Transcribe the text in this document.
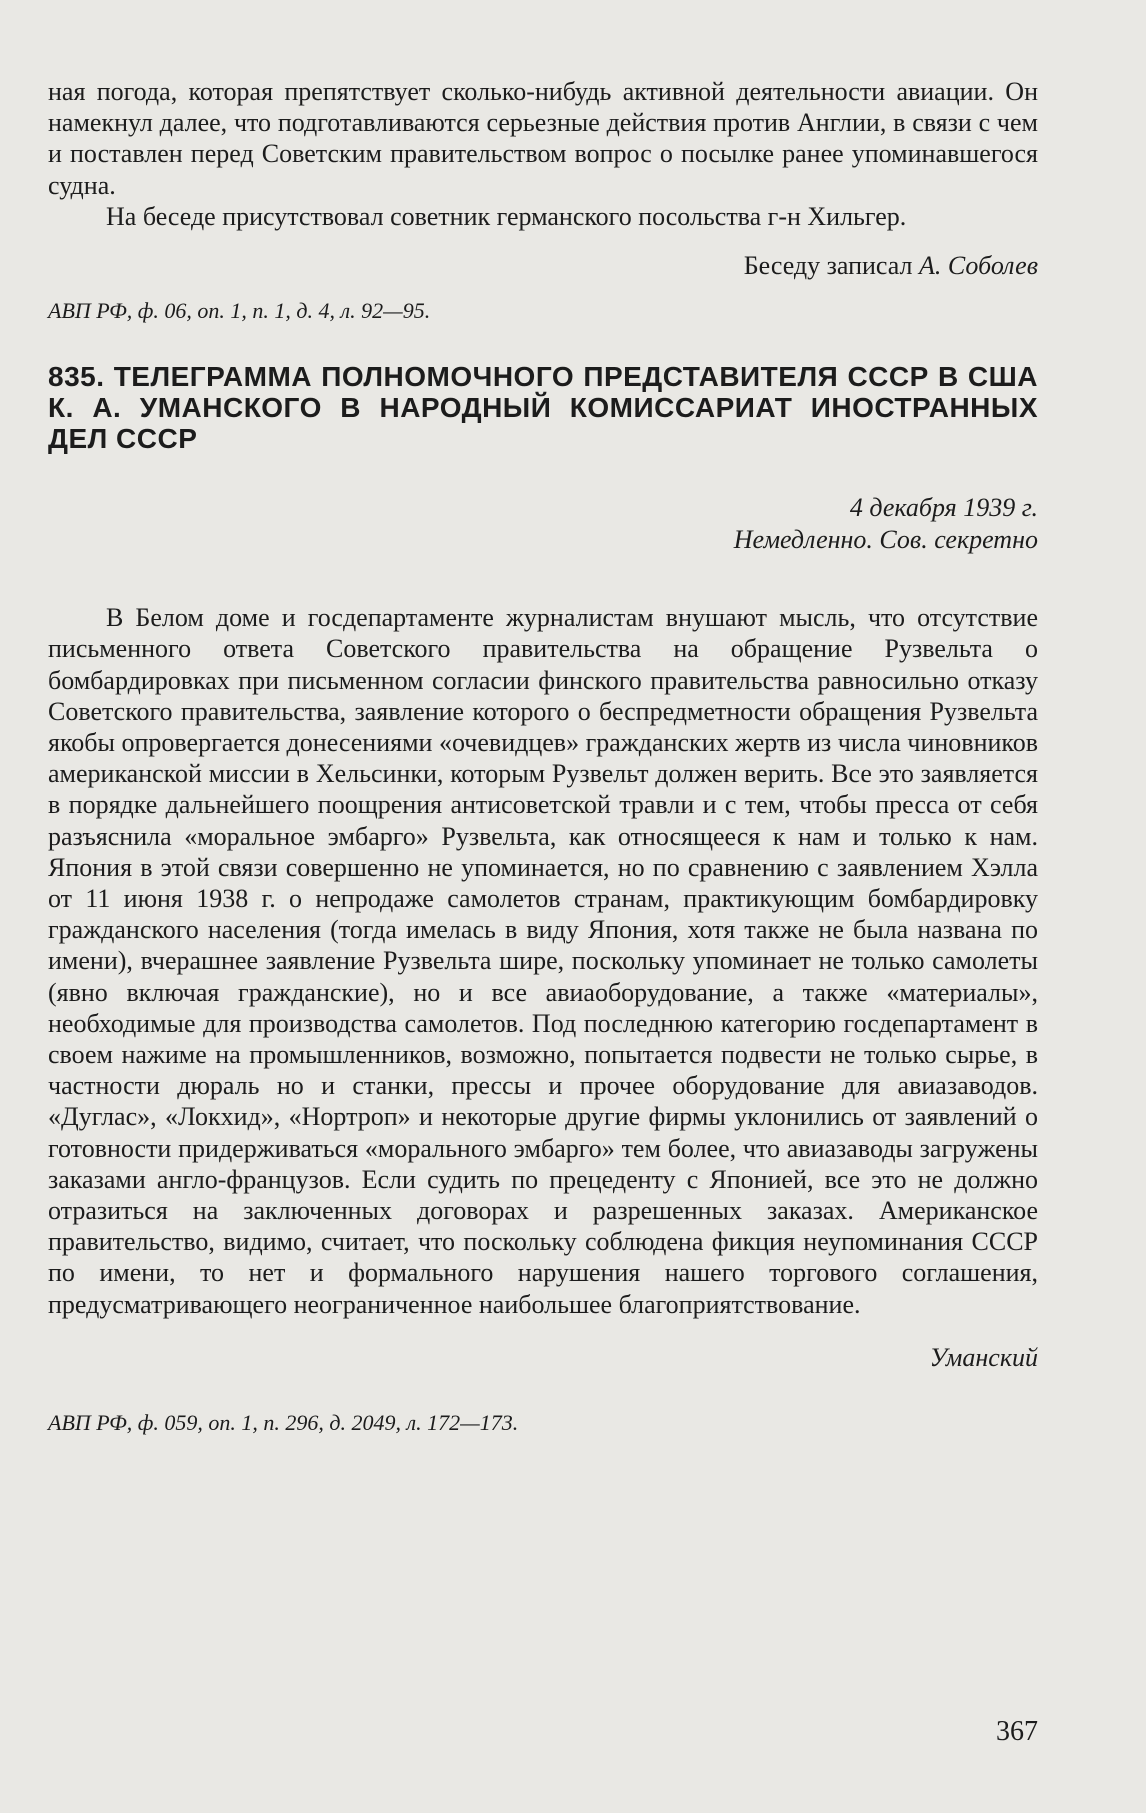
ная погода, которая препятствует сколько-нибудь активной деятельности авиации. Он намекнул далее, что подготавливаются серьезные действия против Англии, в связи с чем и поставлен перед Советским правительством вопрос о посылке ранее упоминавшегося судна.

На беседе присутствовал советник германского посольства г-н Хильгер.

Беседу записал А. Соболев
АВП РФ, ф. 06, оп. 1, п. 1, д. 4, л. 92—95.
835. ТЕЛЕГРАММА ПОЛНОМОЧНОГО ПРЕДСТАВИТЕЛЯ СССР В США К. А. УМАНСКОГО В НАРОДНЫЙ КОМИССАРИАТ ИНОСТРАННЫХ ДЕЛ СССР
4 декабря 1939 г.
Немедленно. Сов. секретно

В Белом доме и госдепартаменте журналистам внушают мысль, что отсутствие письменного ответа Советского правительства на обращение Рузвельта о бомбардировках при письменном согласии финского правительства равносильно отказу Советского правительства, заявление которого о беспредметности обращения Рузвельта якобы опровергается донесениями «очевидцев» гражданских жертв из числа чиновников американской миссии в Хельсинки, которым Рузвельт должен верить. Все это заявляется в порядке дальнейшего поощрения антисоветской травли и с тем, чтобы пресса от себя разъяснила «моральное эмбарго» Рузвельта, как относящееся к нам и только к нам. Япония в этой связи совершенно не упоминается, но по сравнению с заявлением Хэлла от 11 июня 1938 г. о непродаже самолетов странам, практикующим бомбардировку гражданского населения (тогда имелась в виду Япония, хотя также не была названа по имени), вчерашнее заявление Рузвельта шире, поскольку упоминает не только самолеты (явно включая гражданские), но и все авиаоборудование, а также «материалы», необходимые для производства самолетов. Под последнюю категорию госдепартамент в своем нажиме на промышленников, возможно, попытается подвести не только сырье, в частности дюраль но и станки, прессы и прочее оборудование для авиазаводов. «Дуглас», «Локхид», «Нортроп» и некоторые другие фирмы уклонились от заявлений о готовности придерживаться «морального эмбарго» тем более, что авиазаводы загружены заказами англо-французов. Если судить по прецеденту с Японией, все это не должно отразиться на заключенных договорах и разрешенных заказах. Американское правительство, видимо, считает, что поскольку соблюдена фикция неупоминания СССР по имени, то нет и формального нарушения нашего торгового соглашения, предусматривающего неограниченное наибольшее благоприятствование.

Уманский
АВП РФ, ф. 059, оп. 1, п. 296, д. 2049, л. 172—173.
367
